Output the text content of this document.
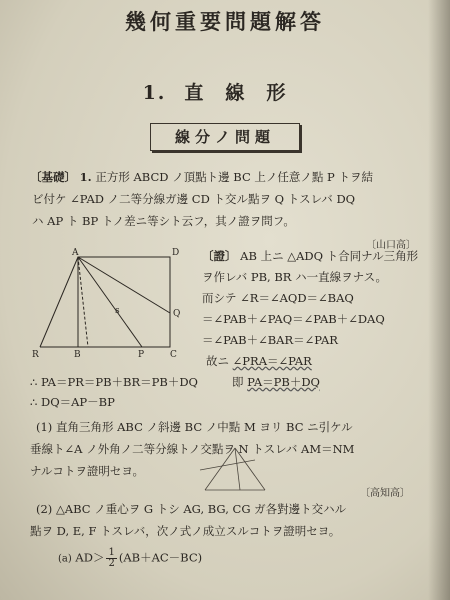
幾何重要問題解答
1. 直線形
線分ノ問題
〔基礎〕 1. 正方形 ABCD ノ頂點ト邊 BC 上ノ任意ノ點 P トヲ結
ビ付ケ ∠PAD ノ二等分線ガ邊 CD ト交ル點ヲ Q トスレバ DQ
ハ AP ト BP トノ差ニ等シト云フ，其ノ證ヲ問フ。
〔山口高〕
A	D
Q
R	B	P	C
s
〔證〕 AB 上ニ △ADQ ト合同ナル三角形
ヲ作レバ PB, BR ハ一直線ヲナス。
而シテ ∠R＝∠AQD＝∠BAQ
＝∠PAB＋∠PAQ＝∠PAB＋∠DAQ
＝∠PAB＋∠BAR＝∠PAR
故ニ ∠PRA＝∠PAR
即 PA＝PB＋DQ
∴ PA＝PR＝PB＋BR＝PB＋DQ
∴ DQ＝AP－BP
(1) 直角三角形 ABC ノ斜邊 BC ノ中點 M ヨリ BC ニ引ケル
垂線ト∠A ノ外角ノ二等分線トノ交點ヲ N トスレバ AM＝NM
ナルコトヲ證明セヨ。
〔高知高〕
(2) △ABC ノ重心ヲ G トシ AG, BG, CG ガ各對邊ト交ハル
點ヲ D, E, F トスレバ，次ノ式ノ成立スルコトヲ證明セヨ。
(a) $AD> \frac{1}{2} (AB+AC-BC)$
